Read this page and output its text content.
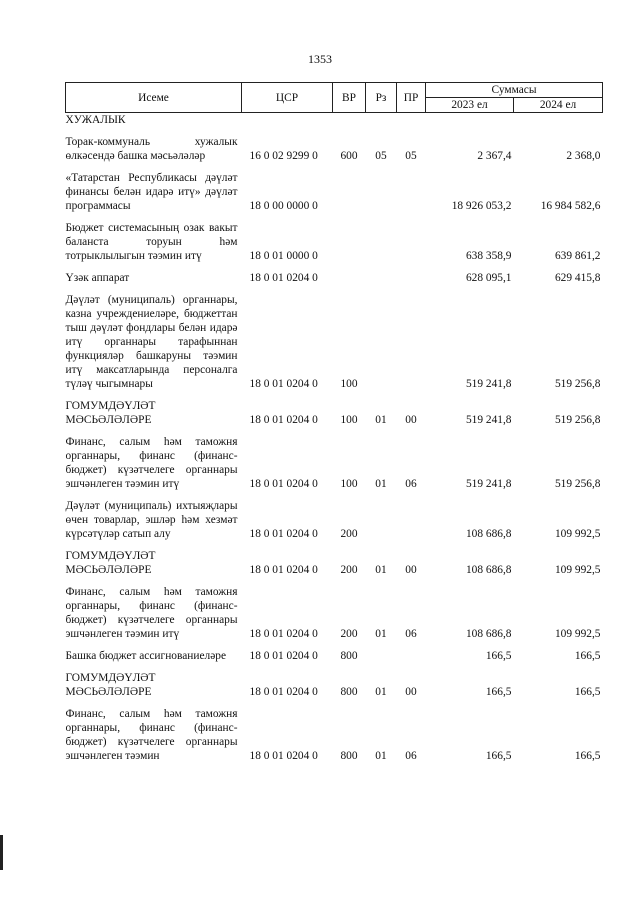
1353
Исеме	ЦСР	ВР	Рз	ПР	Суммасы	
					2023 ел	2024 ел
ХУЖАЛЫК						
Торак-коммуналь хужалык өлкәсендә башка мәсьәләләр	16 0 02 9299 0	600	05	05	2 367,4	2 368,0
«Татарстан Республикасы дәүләт финансы белән идарә итү» дәүләт программасы	18 0 00 0000 0				18 926 053,2	16 984 582,6
Бюджет системасының озак вакыт баланста торуын һәм тотрыклылыгын тәэмин итү	18 0 01 0000 0				638 358,9	639 861,2
Үзәк аппарат	18 0 01 0204 0				628 095,1	629 415,8
Дәүләт (муниципаль) органнары, казна учреждениеләре, бюджеттан тыш дәүләт фондлары белән идарә итү органнары тарафыннан функцияләр башкаруны тәэмин итү максатларында персоналга түләү чыгымнары	18 0 01 0204 0	100			519 241,8	519 256,8
ГОМУМДӘҮЛӘТ МӘСЬӘЛӘЛӘРЕ	18 0 01 0204 0	100	01	00	519 241,8	519 256,8
Финанс, салым һәм таможня органнары, финанс (финанс-бюджет) күзәтчелеге органнары эшчәнлеген тәэмин итү	18 0 01 0204 0	100	01	06	519 241,8	519 256,8
Дәүләт (муниципаль) ихтыяҗлары өчен товарлар, эшләр һәм хезмәт күрсәтүләр сатып алу	18 0 01 0204 0	200			108 686,8	109 992,5
ГОМУМДӘҮЛӘТ МӘСЬӘЛӘЛӘРЕ	18 0 01 0204 0	200	01	00	108 686,8	109 992,5
Финанс, салым һәм таможня органнары, финанс (финанс-бюджет) күзәтчелеге органнары эшчәнлеген тәэмин итү	18 0 01 0204 0	200	01	06	108 686,8	109 992,5
Башка бюджет ассигнованиеләре	18 0 01 0204 0	800			166,5	166,5
ГОМУМДӘҮЛӘТ МӘСЬӘЛӘЛӘРЕ	18 0 01 0204 0	800	01	00	166,5	166,5
Финанс, салым һәм таможня органнары, финанс (финанс-бюджет) күзәтчелеге органнары эшчәнлеген тәэмин	18 0 01 0204 0	800	01	06	166,5	166,5
